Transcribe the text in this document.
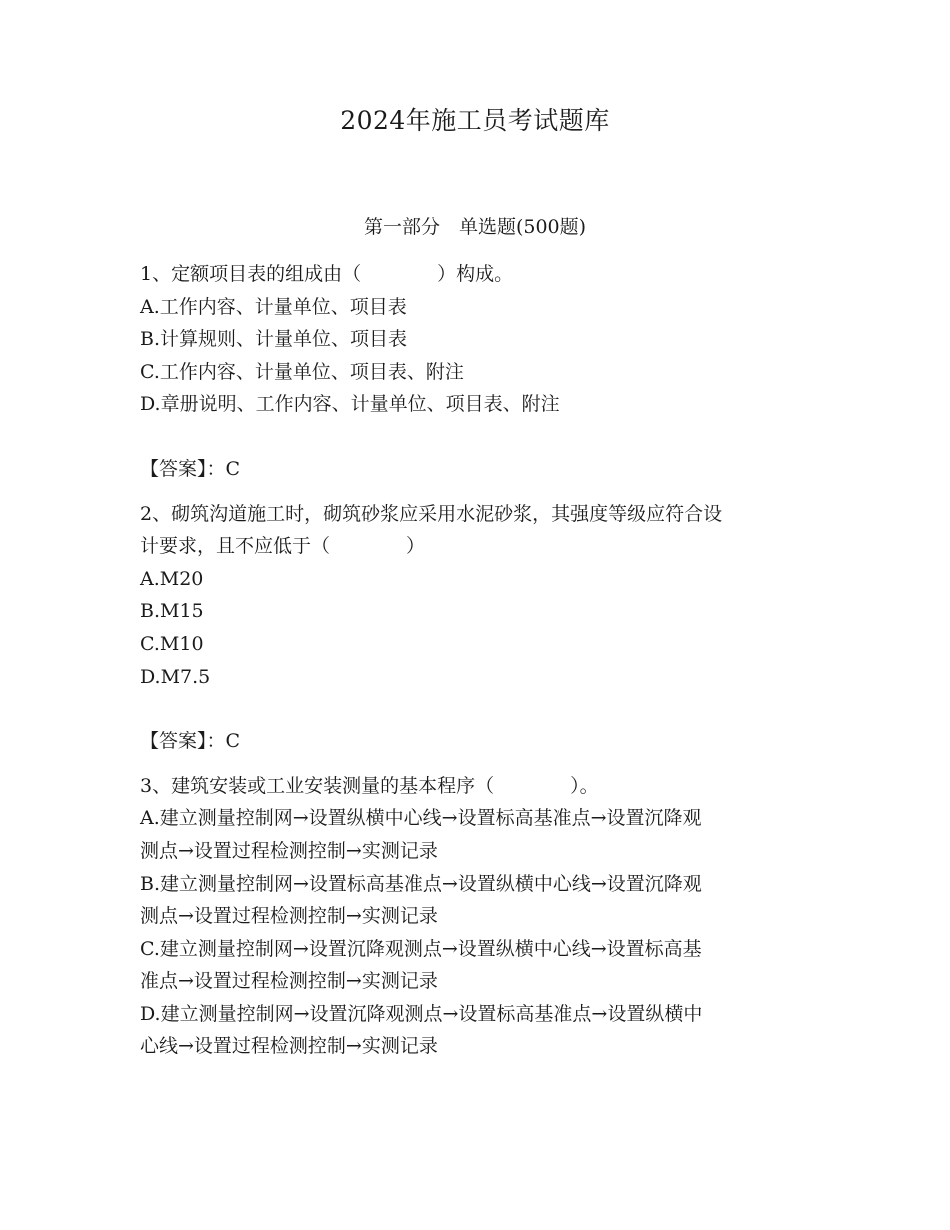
2024年施工员考试题库
第一部分　单选题(500题)
1、定额项目表的组成由（　　　　）构成。
A.工作内容、计量单位、项目表
B.计算规则、计量单位、项目表
C.工作内容、计量单位、项目表、附注
D.章册说明、工作内容、计量单位、项目表、附注
【答案】：C
2、砌筑沟道施工时，砌筑砂浆应采用水泥砂浆，其强度等级应符合设
计要求，且不应低于（　　　　）
A.M20
B.M15
C.M10
D.M7.5
【答案】：C
3、建筑安装或工业安装测量的基本程序（　　　　）。
A.建立测量控制网→设置纵横中心线→设置标高基准点→设置沉降观
测点→设置过程检测控制→实测记录
B.建立测量控制网→设置标高基准点→设置纵横中心线→设置沉降观
测点→设置过程检测控制→实测记录
C.建立测量控制网→设置沉降观测点→设置纵横中心线→设置标高基
准点→设置过程检测控制→实测记录
D.建立测量控制网→设置沉降观测点→设置标高基准点→设置纵横中
心线→设置过程检测控制→实测记录
